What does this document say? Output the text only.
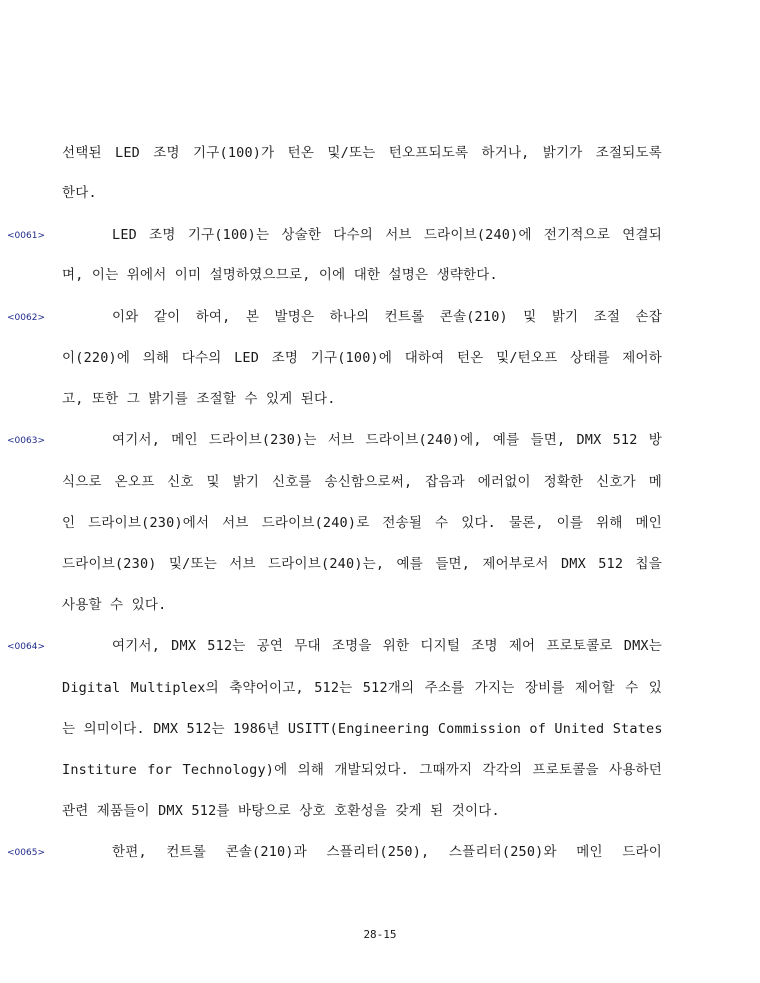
선택된 LED 조명 기구(100)가 턴온 및/또는 턴오프되도록 하거나, 밝기가 조절되도록
한다.
<0061>	LED 조명 기구(100)는 상술한 다수의 서브 드라이브(240)에 전기적으로 연결되
며, 이는 위에서 이미 설명하였으므로, 이에 대한 설명은 생략한다.
<0062>	이와 같이 하여, 본 발명은 하나의 컨트롤 콘솔(210) 및 밝기 조절 손잡
이(220)에 의해 다수의 LED 조명 기구(100)에 대하여 턴온 및/턴오프 상태를 제어하
고, 또한 그 밝기를 조절할 수 있게 된다.
<0063>	여기서, 메인 드라이브(230)는 서브 드라이브(240)에, 예를 들면, DMX 512 방
식으로 온오프 신호 및 밝기 신호를 송신함으로써, 잡음과 에러없이 정확한 신호가 메
인 드라이브(230)에서 서브 드라이브(240)로 전송될 수 있다. 물론, 이를 위해 메인
드라이브(230) 및/또는 서브 드라이브(240)는, 예를 들면, 제어부로서 DMX 512 칩을
사용할 수 있다.
<0064>	여기서, DMX 512는 공연 무대 조명을 위한 디지털 조명 제어 프로토콜로 DMX는
Digital Multiplex의 축약어이고, 512는 512개의 주소를 가지는 장비를 제어할 수 있
는 의미이다. DMX 512는 1986년 USITT(Engineering Commission of United States
Institure for Technology)에 의해 개발되었다. 그때까지 각각의 프로토콜을 사용하던
관련 제품들이 DMX 512를 바탕으로 상호 호환성을 갖게 된 것이다.
<0065>	한편, 컨트롤 콘솔(210)과 스플리터(250), 스플리터(250)와 메인 드라이
28-15
